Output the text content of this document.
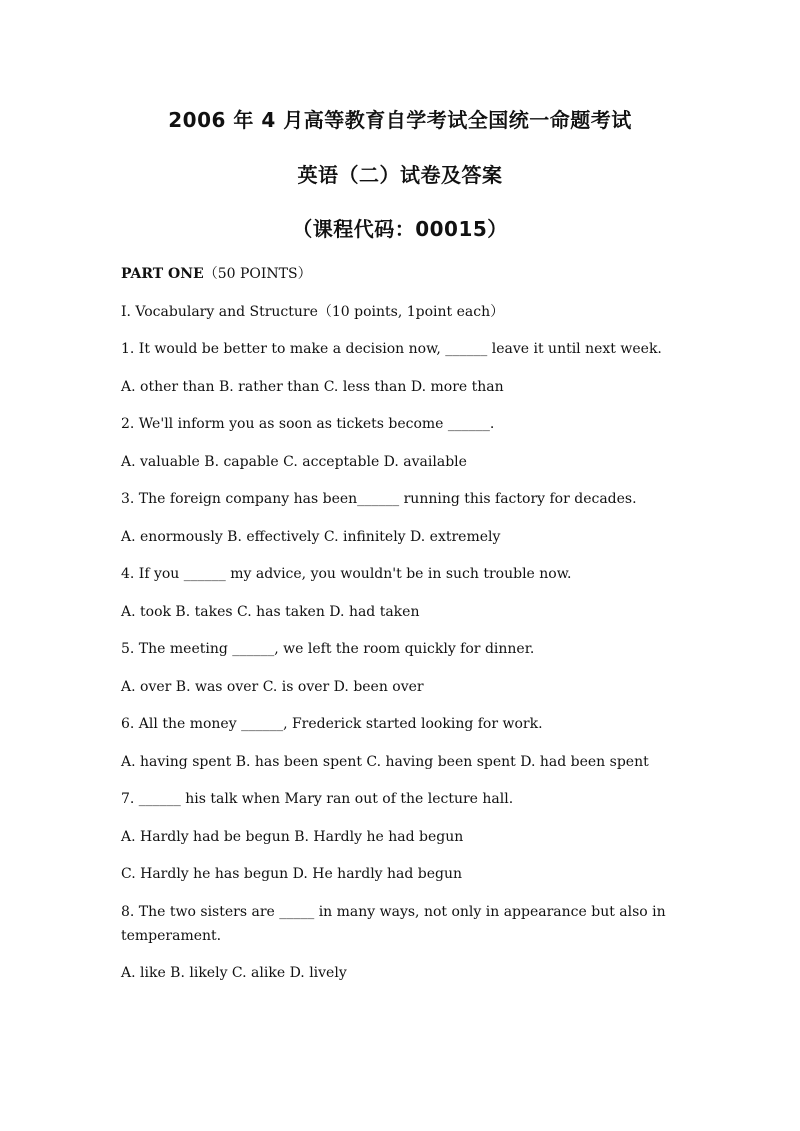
2006 年 4 月高等教育自学考试全国统一命题考试
英语（二）试卷及答案
（课程代码：00015）

PART ONE（50 POINTS）

I. Vocabulary and Structure（10 points, 1point each）

1. It would be better to make a decision now, ______ leave it until next week.

A. other than B. rather than C. less than D. more than

2. We'll inform you as soon as tickets become ______.

A. valuable B. capable C. acceptable D. available

3. The foreign company has been______ running this factory for decades.

A. enormously B. effectively C. infinitely D. extremely

4. If you ______ my advice, you wouldn't be in such trouble now.

A. took B. takes C. has taken D. had taken

5. The meeting ______, we left the room quickly for dinner.

A. over B. was over C. is over D. been over

6. All the money ______, Frederick started looking for work.

A. having spent B. has been spent C. having been spent D. had been spent

7. ______ his talk when Mary ran out of the lecture hall.

A. Hardly had be begun B. Hardly he had begun

C. Hardly he has begun D. He hardly had begun

8. The two sisters are _____ in many ways, not only in appearance but also in temperament.

A. like B. likely C. alike D. lively
